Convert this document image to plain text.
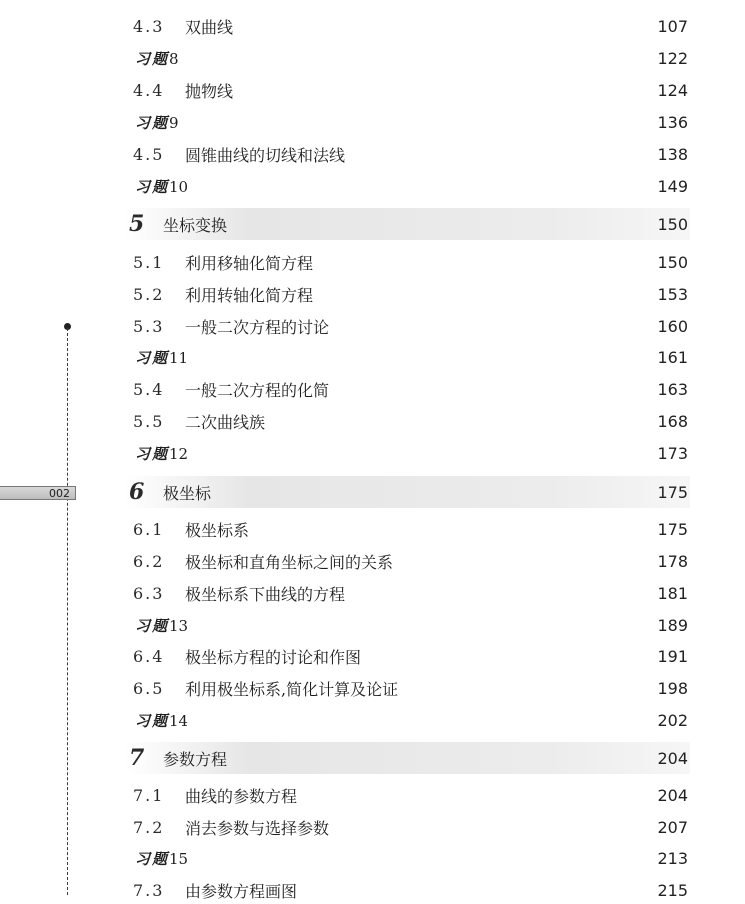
002
4.3	双曲线	107
习题8	122
4.4	抛物线	124
习题9	136
4.5	圆锥曲线的切线和法线	138
习题10	149
5	坐标变换	150
5.1	利用移轴化简方程	150
5.2	利用转轴化简方程	153
5.3	一般二次方程的讨论	160
习题11	161
5.4	一般二次方程的化简	163
5.5	二次曲线族	168
习题12	173
6	极坐标	175
6.1	极坐标系	175
6.2	极坐标和直角坐标之间的关系	178
6.3	极坐标系下曲线的方程	181
习题13	189
6.4	极坐标方程的讨论和作图	191
6.5	利用极坐标系,简化计算及论证	198
习题14	202
7	参数方程	204
7.1	曲线的参数方程	204
7.2	消去参数与选择参数	207
习题15	213
7.3	由参数方程画图	215
